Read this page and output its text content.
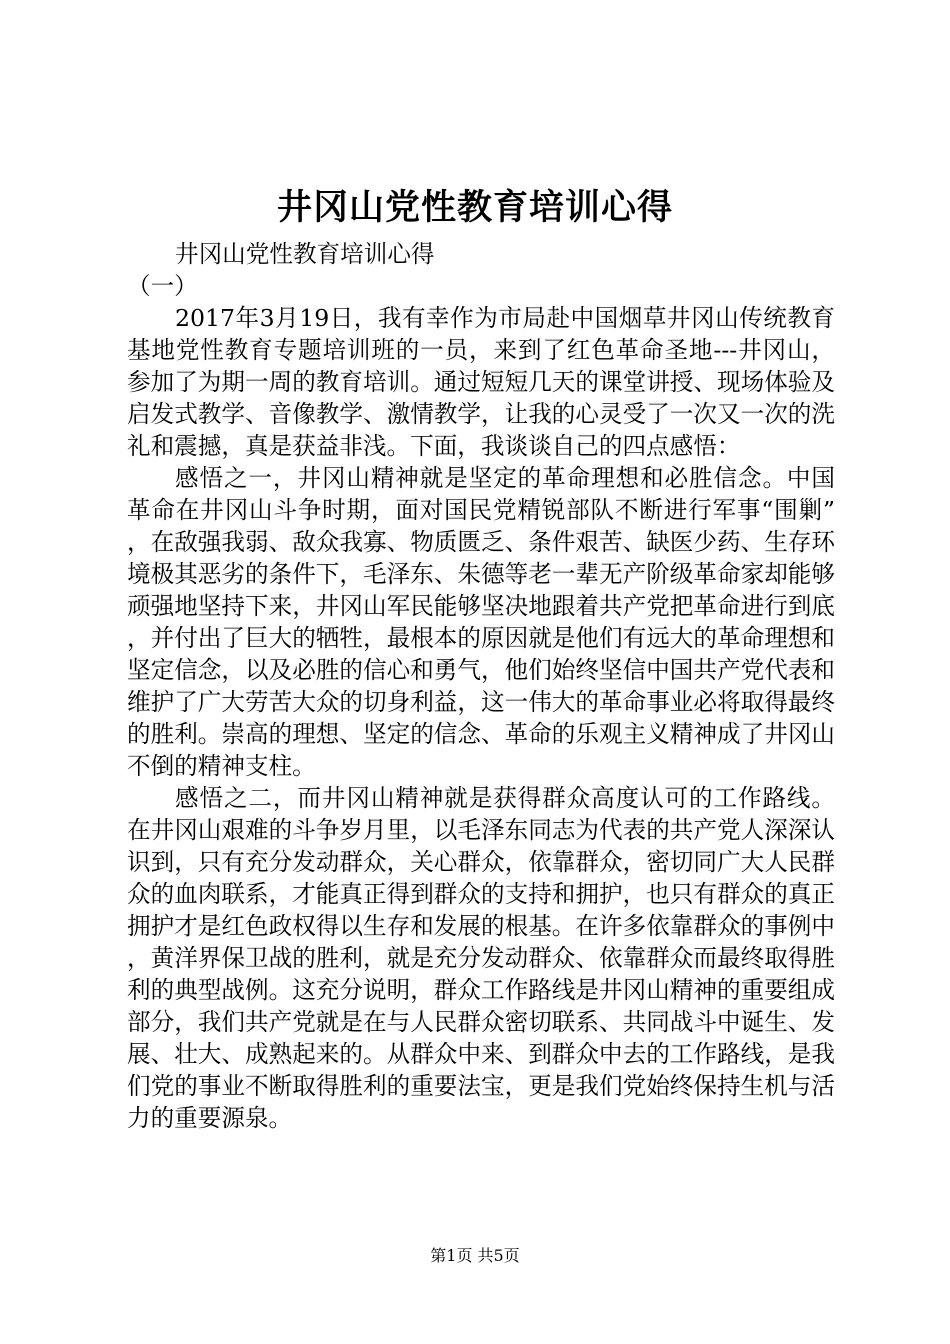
井冈山党性教育培训心得

井冈山党性教育培训心得

（一）

2017年3月19日，我有幸作为市局赴中国烟草井冈山传统教育基地党性教育专题培训班的一员，来到了红色革命圣地---井冈山，参加了为期一周的教育培训。通过短短几天的课堂讲授、现场体验及启发式教学、音像教学、激情教学，让我的心灵受了一次又一次的洗礼和震撼，真是获益非浅。下面，我谈谈自己的四点感悟：

感悟之一，井冈山精神就是坚定的革命理想和必胜信念。中国革命在井冈山斗争时期，面对国民党精锐部队不断进行军事“围剿”，在敌强我弱、敌众我寡、物质匮乏、条件艰苦、缺医少药、生存环境极其恶劣的条件下，毛泽东、朱德等老一辈无产阶级革命家却能够顽强地坚持下来，井冈山军民能够坚决地跟着共产党把革命进行到底，并付出了巨大的牺牲，最根本的原因就是他们有远大的革命理想和坚定信念，以及必胜的信心和勇气，他们始终坚信中国共产党代表和维护了广大劳苦大众的切身利益，这一伟大的革命事业必将取得最终的胜利。崇高的理想、坚定的信念、革命的乐观主义精神成了井冈山不倒的精神支柱。

感悟之二，而井冈山精神就是获得群众高度认可的工作路线。在井冈山艰难的斗争岁月里，以毛泽东同志为代表的共产党人深深认识到，只有充分发动群众，关心群众，依靠群众，密切同广大人民群众的血肉联系，才能真正得到群众的支持和拥护，也只有群众的真正拥护才是红色政权得以生存和发展的根基。在许多依靠群众的事例中，黄洋界保卫战的胜利，就是充分发动群众、依靠群众而最终取得胜利的典型战例。这充分说明，群众工作路线是井冈山精神的重要组成部分，我们共产党就是在与人民群众密切联系、共同战斗中诞生、发展、壮大、成熟起来的。从群众中来、到群众中去的工作路线，是我们党的事业不断取得胜利的重要法宝，更是我们党始终保持生机与活力的重要源泉。

第1页 共5页
